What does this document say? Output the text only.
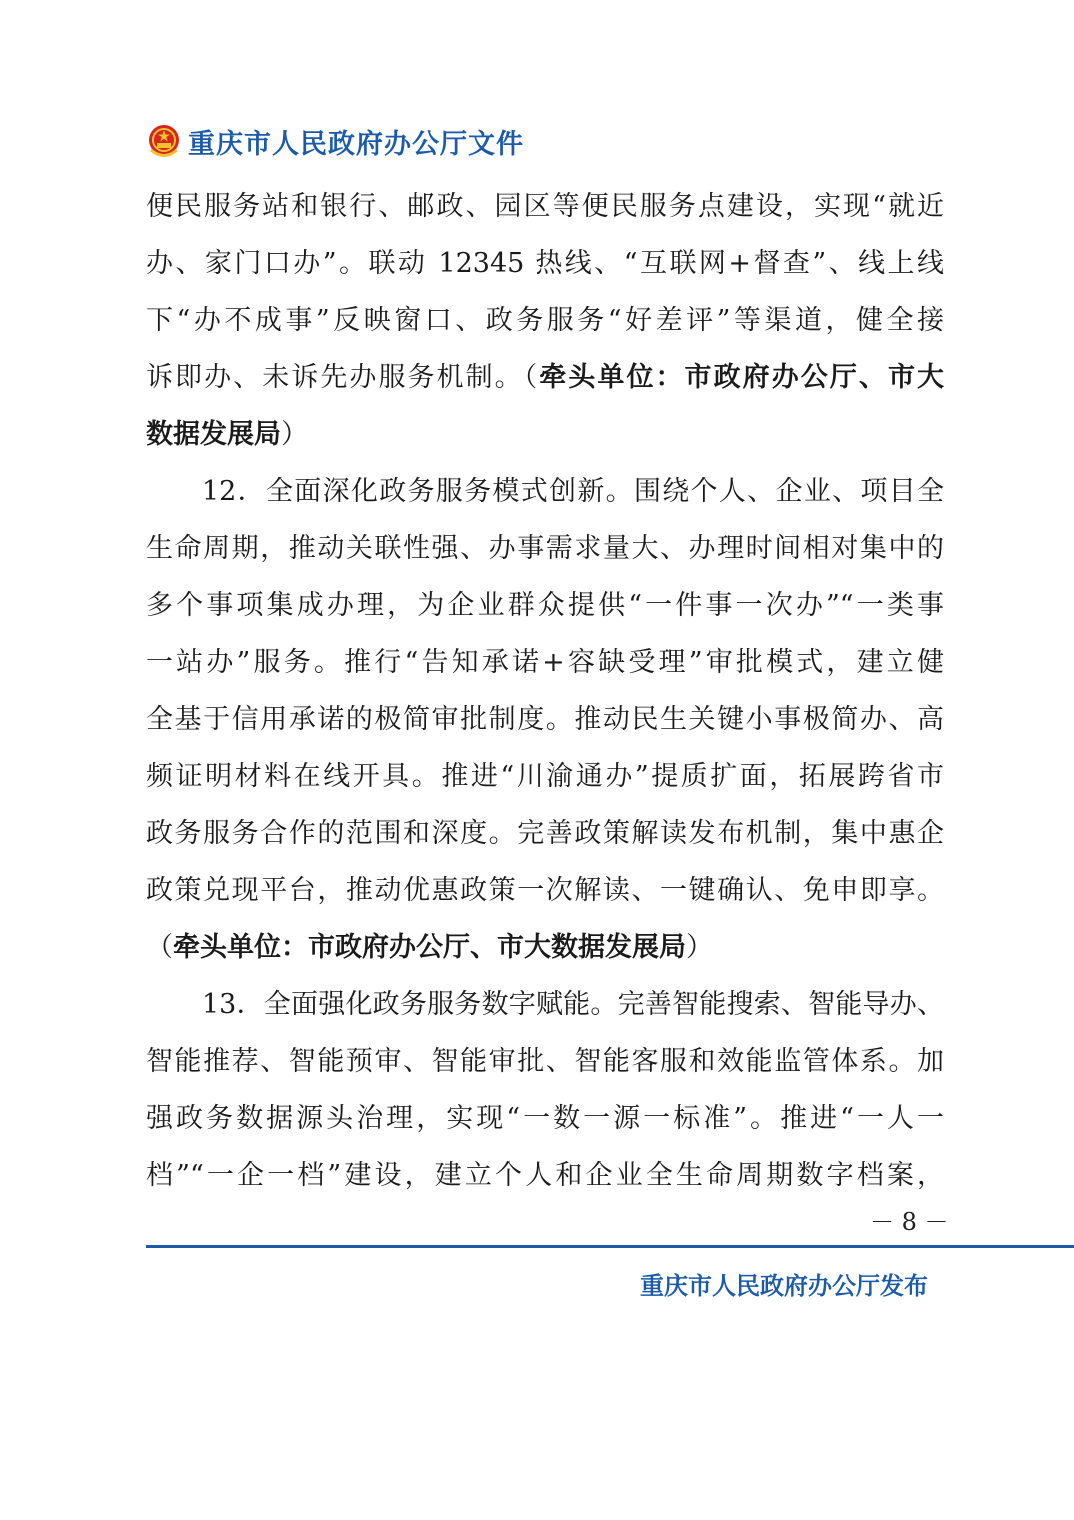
重庆市人民政府办公厅文件
便民服务站和银行、邮政、园区等便民服务点建设，实现“就近
办、家门口办”。联动 12345 热线、“互联网+督查”、线上线
下“办不成事”反映窗口、政务服务“好差评”等渠道，健全接
诉即办、未诉先办服务机制。（牵头单位：市政府办公厅、市大
数据发展局）
12．全面深化政务服务模式创新。围绕个人、企业、项目全
生命周期，推动关联性强、办事需求量大、办理时间相对集中的
多个事项集成办理，为企业群众提供“一件事一次办”“一类事
一站办”服务。推行“告知承诺+容缺受理”审批模式，建立健
全基于信用承诺的极简审批制度。推动民生关键小事极简办、高
频证明材料在线开具。推进“川渝通办”提质扩面，拓展跨省市
政务服务合作的范围和深度。完善政策解读发布机制，集中惠企
政策兑现平台，推动优惠政策一次解读、一键确认、免申即享。
（牵头单位：市政府办公厅、市大数据发展局）
13．全面强化政务服务数字赋能。完善智能搜索、智能导办、
智能推荐、智能预审、智能审批、智能客服和效能监管体系。加
强政务数据源头治理，实现“一数一源一标准”。推进“一人一
档”“一企一档”建设，建立个人和企业全生命周期数字档案，
－ 8 －
重庆市人民政府办公厅发布
